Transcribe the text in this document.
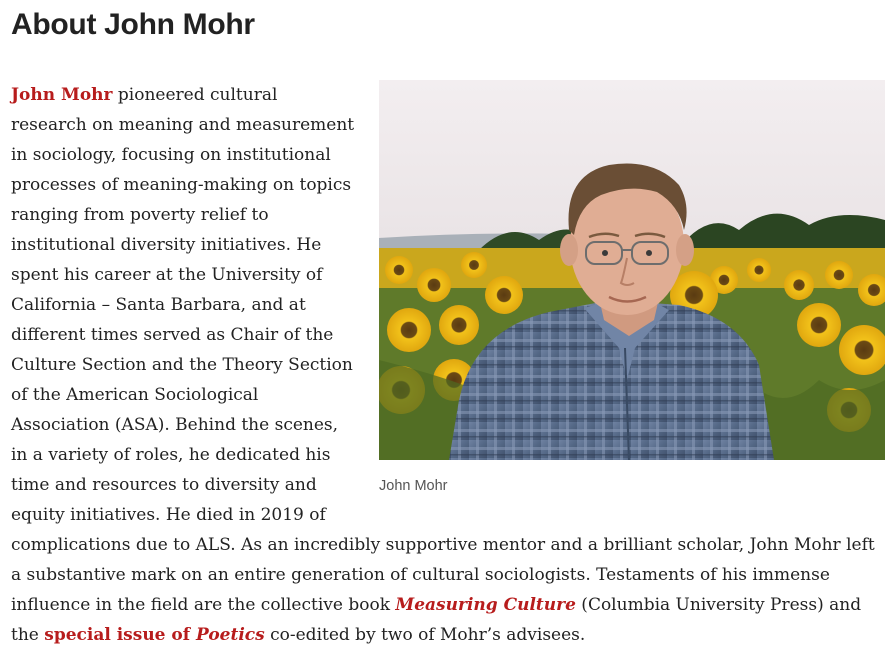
About John Mohr
John Mohr

John Mohr pioneered cultural research on meaning and measurement in sociology, focusing on institutional processes of meaning-making on topics ranging from poverty relief to institutional diversity initiatives. He spent his career at the University of California – Santa Barbara, and at different times served as Chair of the Culture Section and the Theory Section of the American Sociological Association (ASA). Behind the scenes, in a variety of roles, he dedicated his time and resources to diversity and equity initiatives. He died in 2019 of complications due to ALS. As an incredibly supportive mentor and a brilliant scholar, John Mohr left a substantive mark on an entire generation of cultural sociologists. Testaments of his immense influence in the field are the collective book Measuring Culture (Columbia University Press) and the special issue of Poetics co-edited by two of Mohr’s advisees.
